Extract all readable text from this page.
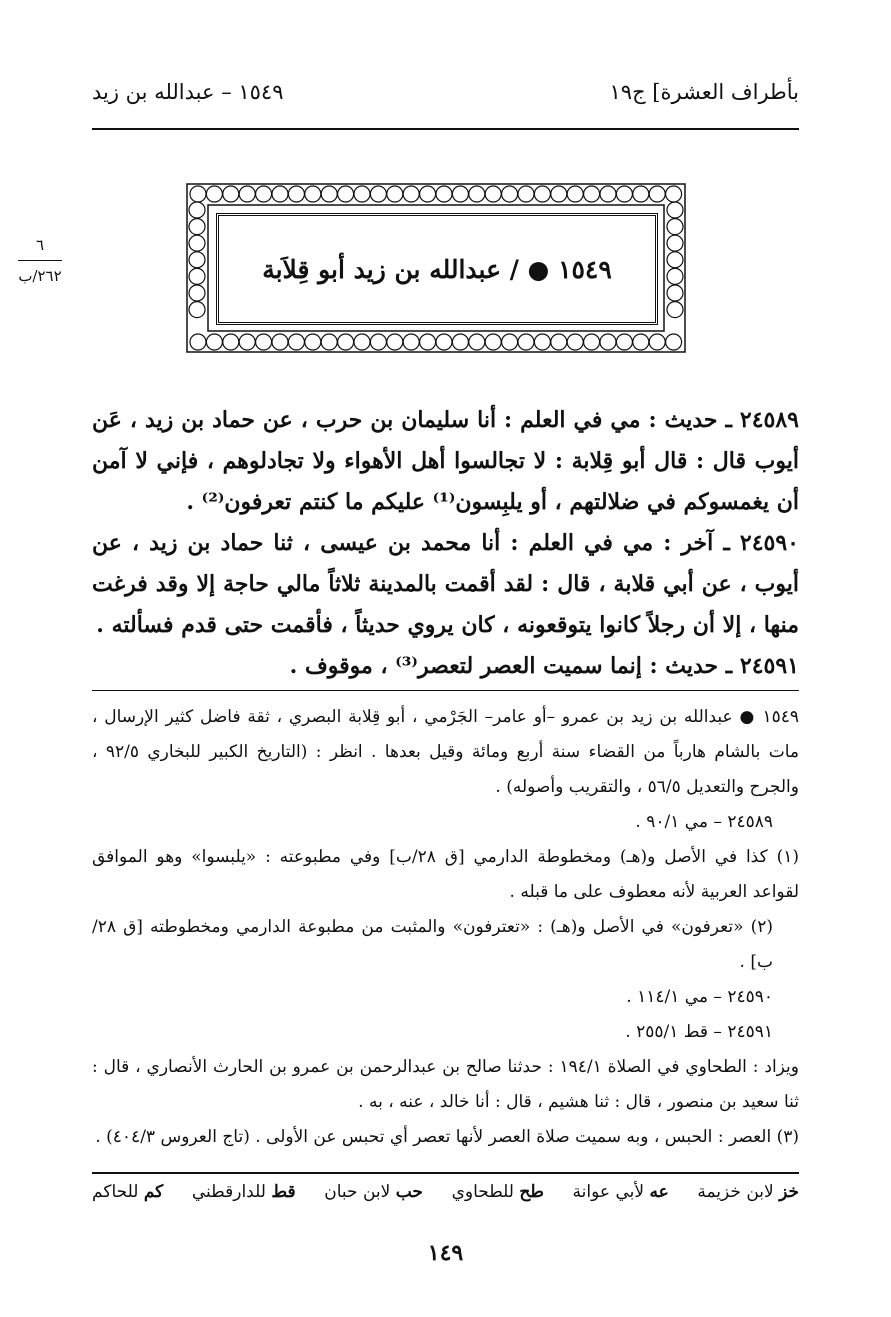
بأطراف العشرة] ج١٩
١٥٤٩ – عبدالله بن زيد
٦
٢٦٢/ب	١٥٤٩ ● / عبدالله بن زيد أبو قِلاَبة

٢٤٥٨٩ ـ حديث : مي في العلم : أنا سليمان بن حرب ، عن حماد بن زيد ، عَن أيوب قال : قال أبو قِلابة : لا تجالسوا أهل الأهواء ولا تجادلوهم ، فإني لا آمن أن يغمسوكم في ضلالتهم ، أو يلبِسون⁽¹⁾ عليكم ما كنتم تعرفون⁽²⁾ .

٢٤٥٩٠ ـ آخر : مي في العلم : أنا محمد بن عيسى ، ثنا حماد بن زيد ، عن أيوب ، عن أبي قلابة ، قال : لقد أقمت بالمدينة ثلاثاً مالي حاجة إلا وقد فرغت منها ، إلا أن رجلاً كانوا يتوقعونه ، كان يروي حديثاً ، فأقمت حتى قدم فسألته .

٢٤٥٩١ ـ حديث : إنما سميت العصر لتعصر⁽³⁾ ، موقوف .

١٥٤٩ ● عبدالله بن زيد بن عمرو –أو عامر– الجَرْمي ، أبو قِلابة البصري ، ثقة فاضل كثير الإرسال ، مات بالشام هارباً من القضاء سنة أربع ومائة وقيل بعدها . انظر : (التاريخ الكبير للبخاري ٩٢/٥ ، والجرح والتعديل ٥٦/٥ ، والتقريب وأصوله) .

٢٤٥٨٩ – مي ٩٠/١ .

(١) كذا في الأصل و(هـ) ومخطوطة الدارمي [ق ٢٨/ب] وفي مطبوعته : «يلبسوا» وهو الموافق لقواعد العربية لأنه معطوف على ما قبله .

(٢) «تعرفون» في الأصل و(هـ) : «تعترفون» والمثبت من مطبوعة الدارمي ومخطوطته [ق ٢٨/ب] .

٢٤٥٩٠ – مي ١١٤/١ .

٢٤٥٩١ – قط ٢٥٥/١ .

ويزاد : الطحاوي في الصلاة ١٩٤/١ : حدثنا صالح بن عبدالرحمن بن عمرو بن الحارث الأنصاري ، قال : ثنا سعيد بن منصور ، قال : ثنا هشيم ، قال : أنا خالد ، عنه ، به .

(٣) العصر : الحبس ، وبه سميت صلاة العصر لأنها تعصر أي تحبس عن الأولى . (تاج العروس ٤٠٤/٣) .

خز لابن خزيمة
عه لأبي عوانة
طح للطحاوي
حب لابن حبان
قط للدارقطني
كم للحاكم
١٤٩
